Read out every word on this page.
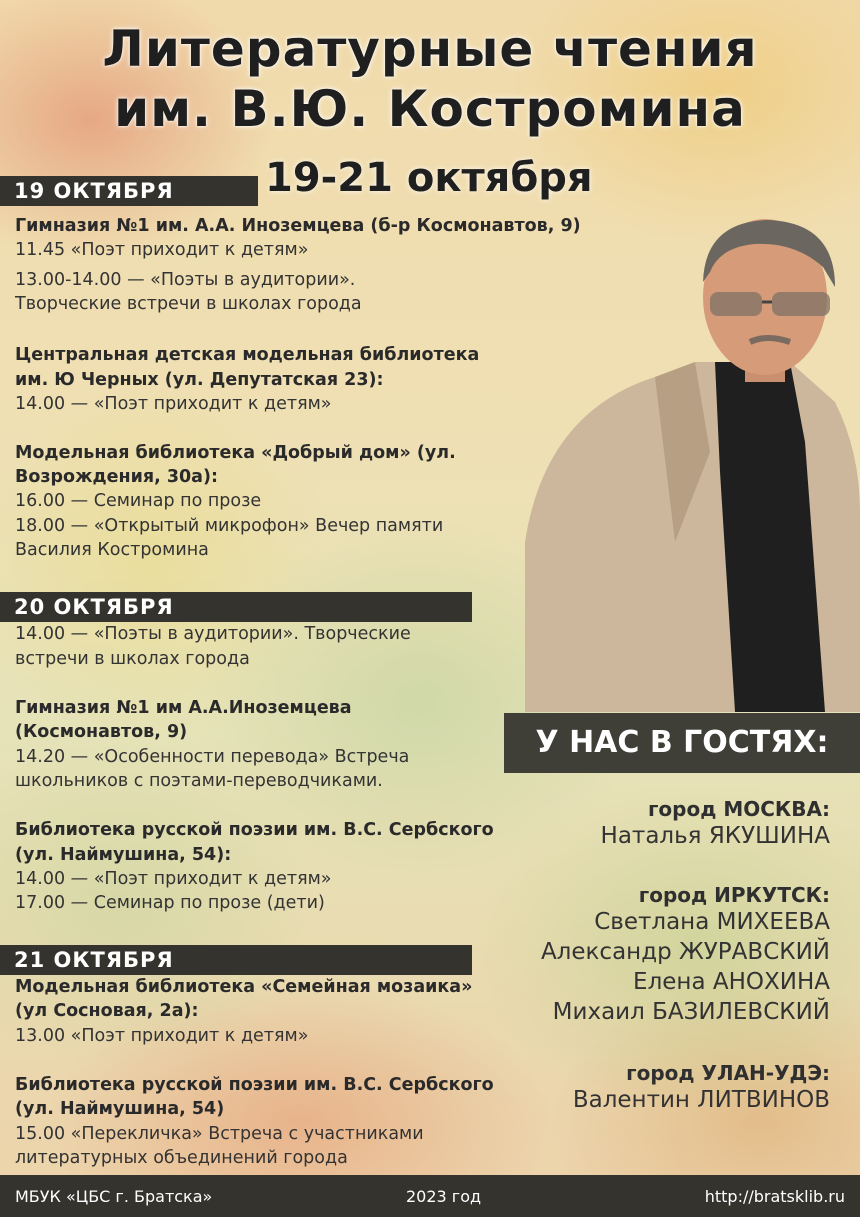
Литературные чтения
им. В.Ю. Костромина
19-21 октября
19 ОКТЯБРЯ
Гимназия №1 им. А.А. Иноземцева (б-р Космонавтов, 9)
11.45 «Поэт приходит к детям»
13.00-14.00 — «Поэты в аудитории».
Творческие встречи в школах города
Центральная детская модельная библиотека
им. Ю Черных (ул. Депутатская 23):
14.00 — «Поэт приходит к детям»
Модельная библиотека «Добрый дом» (ул.
Возрождения, 30а):
16.00 — Семинар по прозе
18.00 — «Открытый микрофон» Вечер памяти
Василия Костромина
20 ОКТЯБРЯ
14.00 — «Поэты в аудитории». Творческие
встречи в школах города
Гимназия №1 им А.А.Иноземцева
(Космонавтов, 9)
14.20 — «Особенности перевода» Встреча
школьников с поэтами-переводчиками.
Библиотека русской поэзии им. В.С. Сербского
(ул. Наймушина, 54):
14.00 — «Поэт приходит к детям»
17.00 — Семинар по прозе (дети)
21 ОКТЯБРЯ
Модельная библиотека «Семейная мозаика»
(ул Сосновая, 2а):
13.00 «Поэт приходит к детям»
Библиотека русской поэзии им. В.С. Сербского
(ул. Наймушина, 54)
15.00 «Перекличка» Встреча с участниками
литературных объединений города
У НАС В ГОСТЯХ:
город МОСКВА:
Наталья ЯКУШИНА
город ИРКУТСК:
Светлана МИХЕЕВА
Александр ЖУРАВСКИЙ
Елена АНОХИНА
Михаил БАЗИЛЕВСКИЙ
город УЛАН-УДЭ:
Валентин ЛИТВИНОВ
МБУК «ЦБС г. Братска»	2023 год	http://bratsklib.ru
